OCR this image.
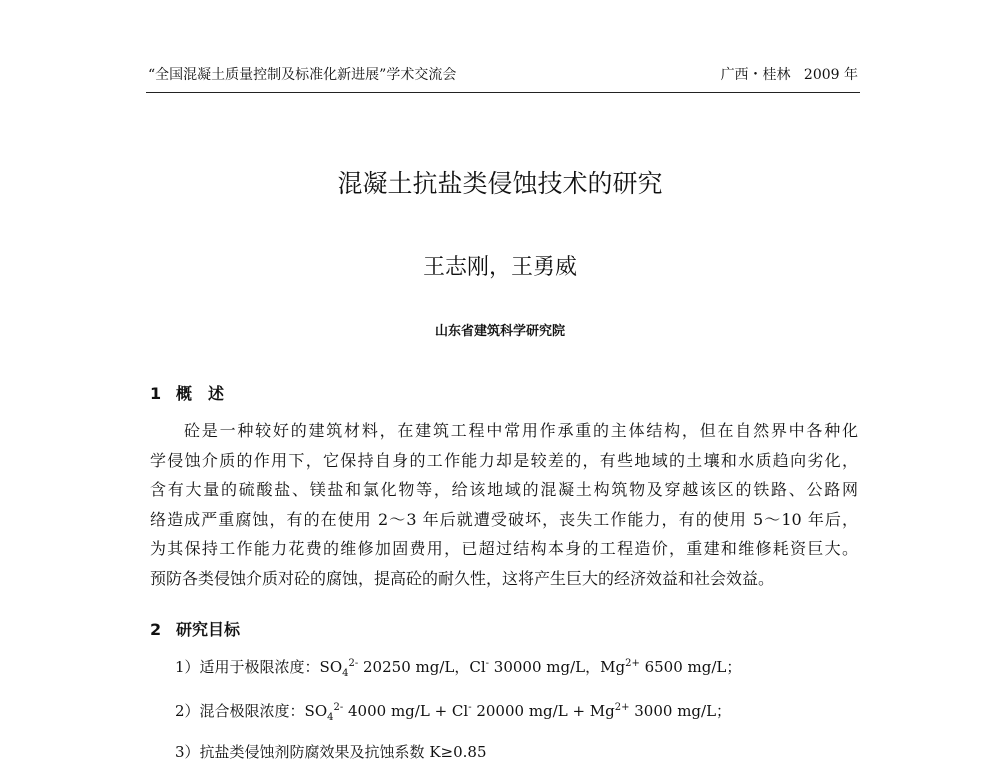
“全国混凝土质量控制及标准化新进展”学术交流会	广西・桂林   2009 年
混凝土抗盐类侵蚀技术的研究
王志刚，王勇威
山东省建筑科学研究院
1 概　述
砼是一种较好的建筑材料，在建筑工程中常用作承重的主体结构，但在自然界中各种化
学侵蚀介质的作用下，它保持自身的工作能力却是较差的，有些地域的土壤和水质趋向劣化，
含有大量的硫酸盐、镁盐和氯化物等，给该地域的混凝土构筑物及穿越该区的铁路、公路网
络造成严重腐蚀，有的在使用 2～3 年后就遭受破坏，丧失工作能力，有的使用 5～10 年后，
为其保持工作能力花费的维修加固费用，已超过结构本身的工程造价，重建和维修耗资巨大。
预防各类侵蚀介质对砼的腐蚀，提高砼的耐久性，这将产生巨大的经济效益和社会效益。
2 研究目标
1）适用于极限浓度：$SO_4^{2-}$ 20250 mg/L，Cl- 30000 mg/L，$Mg^{2+}$ 6500 mg/L；
2）混合极限浓度：$SO_4^{2-}$ 4000 mg/L + Cl- 20000 $mg/L + Mg^{2+}$ 3000 mg/L；
3）抗盐类侵蚀剂防腐效果及抗蚀系数 K≥0.85
